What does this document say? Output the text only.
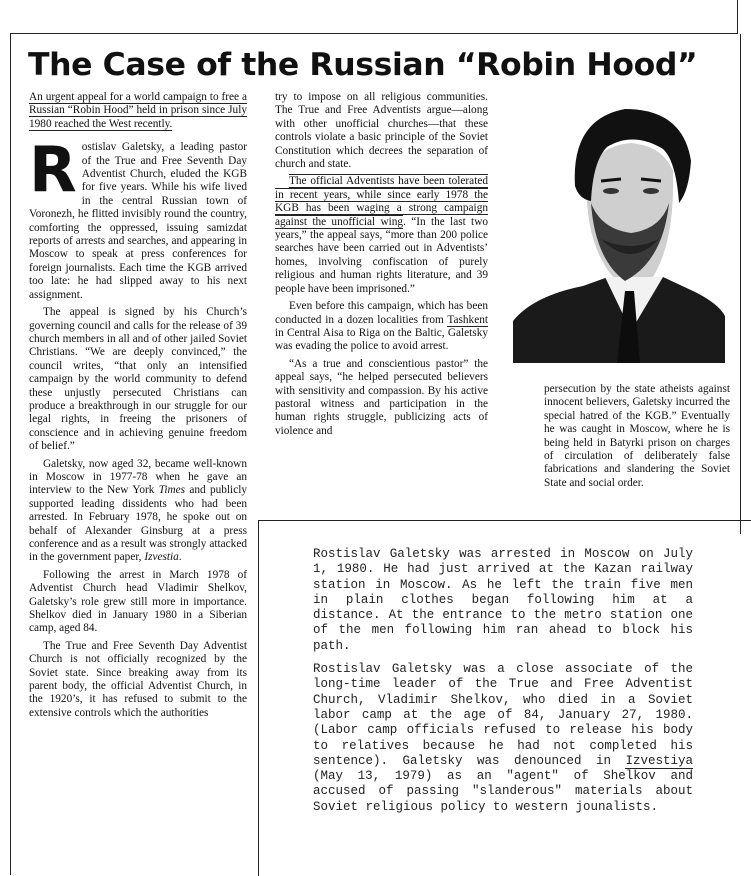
The Case of the Russian “Robin Hood”

An urgent appeal for a world campaign to free a Russian “Robin Hood” held in prison since July 1980 reached the West recently.

Rostislav Galetsky, a leading pastor of the True and Free Seventh Day Adventist Church, eluded the KGB for five years. While his wife lived in the central Russian town of Voronezh, he flitted invisibly round the country, comforting the oppressed, issuing samizdat reports of arrests and searches, and appearing in Moscow to speak at press conferences for foreign journalists. Each time the KGB arrived too late: he had slipped away to his next assignment.

The appeal is signed by his Church’s governing council and calls for the release of 39 church members in all and of other jailed Soviet Christians. “We are deeply convinced,” the council writes, “that only an intensified campaign by the world community to defend these unjustly persecuted Christians can produce a breakthrough in our struggle for our legal rights, in freeing the prisoners of conscience and in achieving genuine freedom of belief.”

Galetsky, now aged 32, became well-known in Moscow in 1977-78 when he gave an interview to the New York Times and publicly supported leading dissidents who had been arrested. In February 1978, he spoke out on behalf of Alexander Ginsburg at a press conference and as a result was strongly attacked in the government paper, Izvestia.

Following the arrest in March 1978 of Adventist Church head Vladimir Shelkov, Galetsky’s role grew still more in importance. Shelkov died in January 1980 in a Siberian camp, aged 84.

The True and Free Seventh Day Adventist Church is not officially recognized by the Soviet state. Since breaking away from its parent body, the official Adventist Church, in the 1920’s, it has refused to submit to the extensive controls which the authorities

try to impose on all religious communities. The True and Free Adventists argue—along with other unofficial churches—that these controls violate a basic principle of the Soviet Constitution which decrees the separation of church and state.

The official Adventists have been tolerated in recent years, while since early 1978 the KGB has been waging a strong campaign against the unofficial wing. “In the last two years,” the appeal says, “more than 200 police searches have been carried out in Adventists’ homes, involving confiscation of purely religious and human rights literature, and 39 people have been imprisoned.”

Even before this campaign, which has been conducted in a dozen localities from Tashkent in Central Aisa to Riga on the Baltic, Galetsky was evading the police to avoid arrest.

“As a true and conscientious pastor” the appeal says, “he helped persecuted believers with sensitivity and compassion. By his active pastoral witness and participation in the human rights struggle, publicizing acts of violence and

persecution by the state atheists against innocent believers, Galetsky incurred the special hatred of the KGB.” Eventually he was caught in Moscow, where he is being held in Batyrki prison on charges of circulation of deliberately false fabrications and slandering the Soviet State and social order.

Rostislav Galetsky was arrested in Moscow on July 1, 1980. He had just arrived at the Kazan railway station in Moscow. As he left the train five men in plain clothes began following him at a distance. At the entrance to the metro station one of the men following him ran ahead to block his path.

Rostislav Galetsky was a close associate of the long-time leader of the True and Free Adventist Church, Vladimir Shelkov, who died in a Soviet labor camp at the age of 84, January 27, 1980. (Labor camp officials refused to release his body to relatives because he had not completed his sentence). Galetsky was denounced in Izvestiya (May 13, 1979) as an "agent" of Shelkov and accused of passing "slanderous" materials about Soviet religious policy to western jounalists.
